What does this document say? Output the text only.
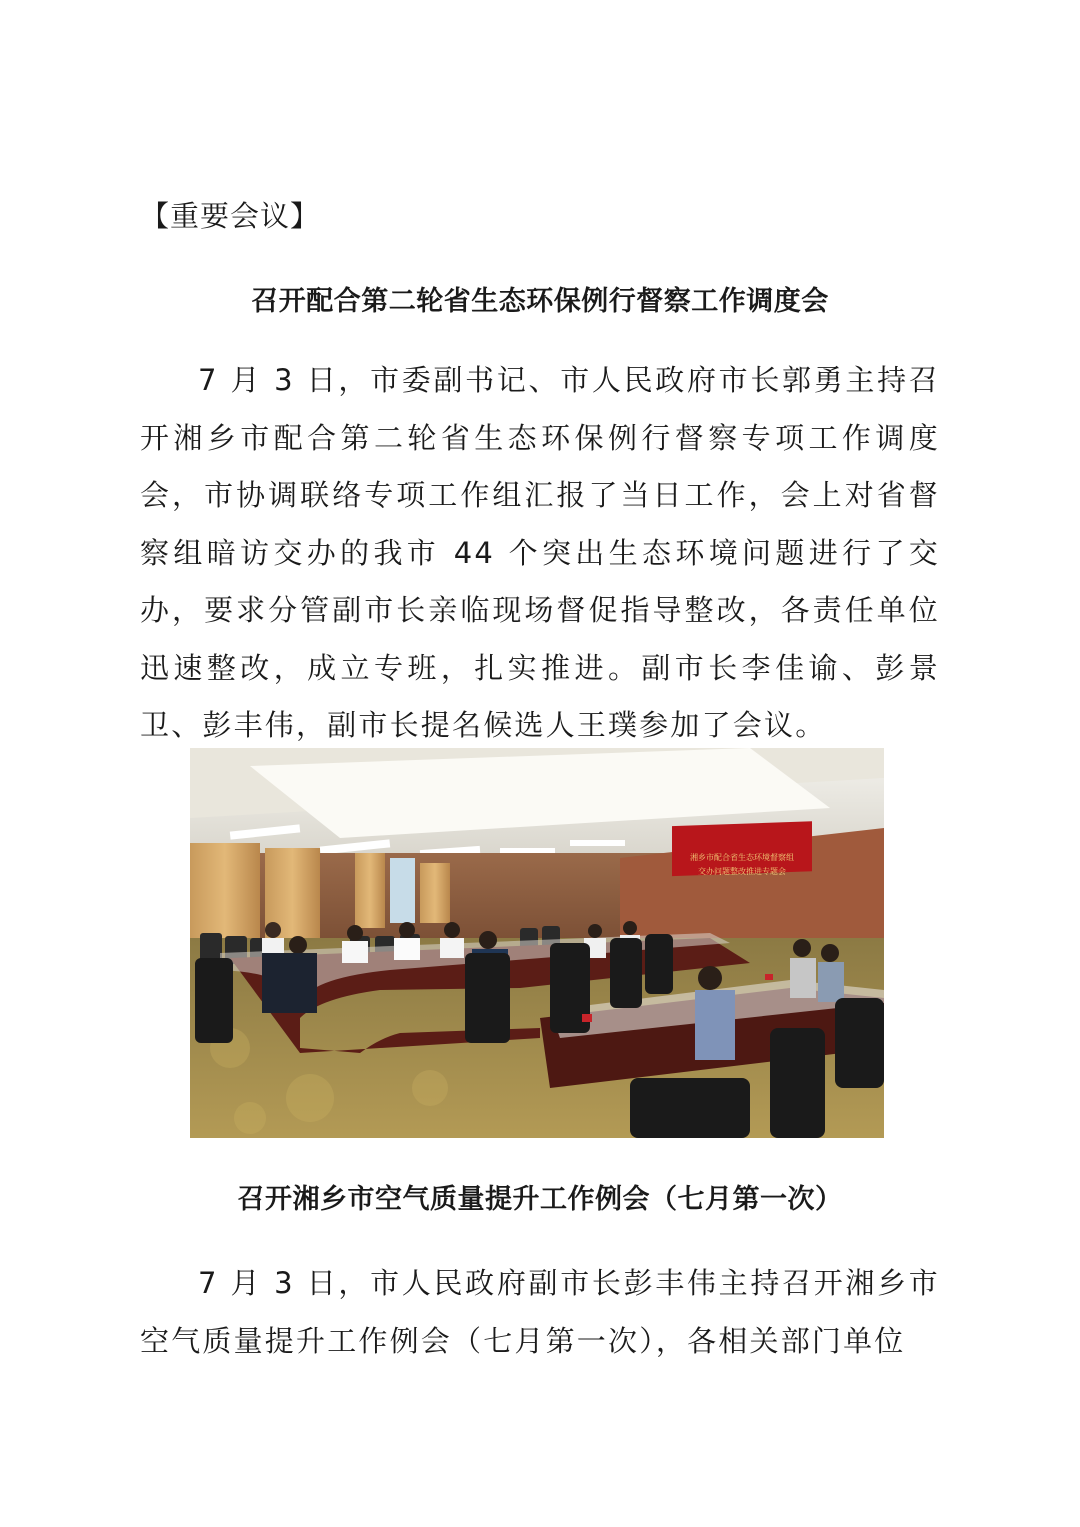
【重要会议】
召开配合第二轮省生态环保例行督察工作调度会

7 月 3 日，市委副书记、市人民政府市长郭勇主持召开湘乡市配合第二轮省生态环保例行督察专项工作调度会，市协调联络专项工作组汇报了当日工作，会上对省督察组暗访交办的我市 44 个突出生态环境问题进行了交办，要求分管副市长亲临现场督促指导整改，各责任单位迅速整改，成立专班，扎实推进。副市长李佳谕、彭景卫、彭丰伟，副市长提名候选人王璞参加了会议。

湘乡市配合省生态环境督察组
交办问题整改推进专题会
召开湘乡市空气质量提升工作例会（七月第一次）

7 月 3 日，市人民政府副市长彭丰伟主持召开湘乡市空气质量提升工作例会（七月第一次），各相关部门单位
